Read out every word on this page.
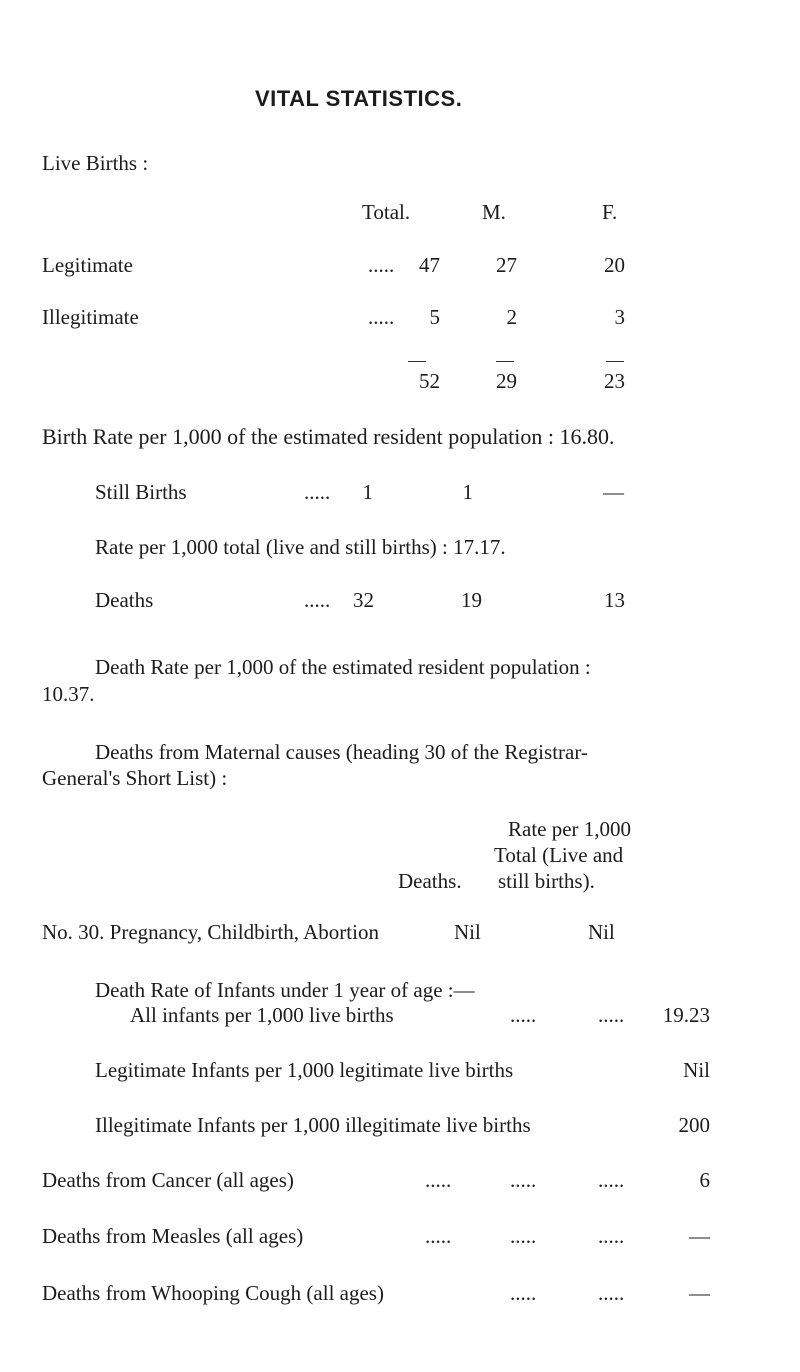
VITAL STATISTICS.
Live Births :
Total.	M.	F.
Legitimate	.....	47	27	20
Illegitimate	.....	5	2	3
52	29	23
Birth Rate per 1,000 of the estimated resident population : 16.80.
Still Births	.....	1	1	—
Rate per 1,000 total (live and still births) : 17.17.
Deaths	.....	32	19	13
Death Rate per 1,000 of the estimated resident population :
10.37.
Deaths from Maternal causes (heading 30 of the Registrar-
General's Short List) :
Rate per 1,000
Total (Live and
Deaths. still births).
No. 30. Pregnancy, Childbirth, Abortion	Nil	Nil
Death Rate of Infants under 1 year of age :—
All infants per 1,000 live births	.....	.....	19.23
Legitimate Infants per 1,000 legitimate live births	Nil
Illegitimate Infants per 1,000 illegitimate live births	200
Deaths from Cancer (all ages)	.....	.....	.....	6
Deaths from Measles (all ages)	.....	.....	.....	—
Deaths from Whooping Cough (all ages)	.....	.....	—
